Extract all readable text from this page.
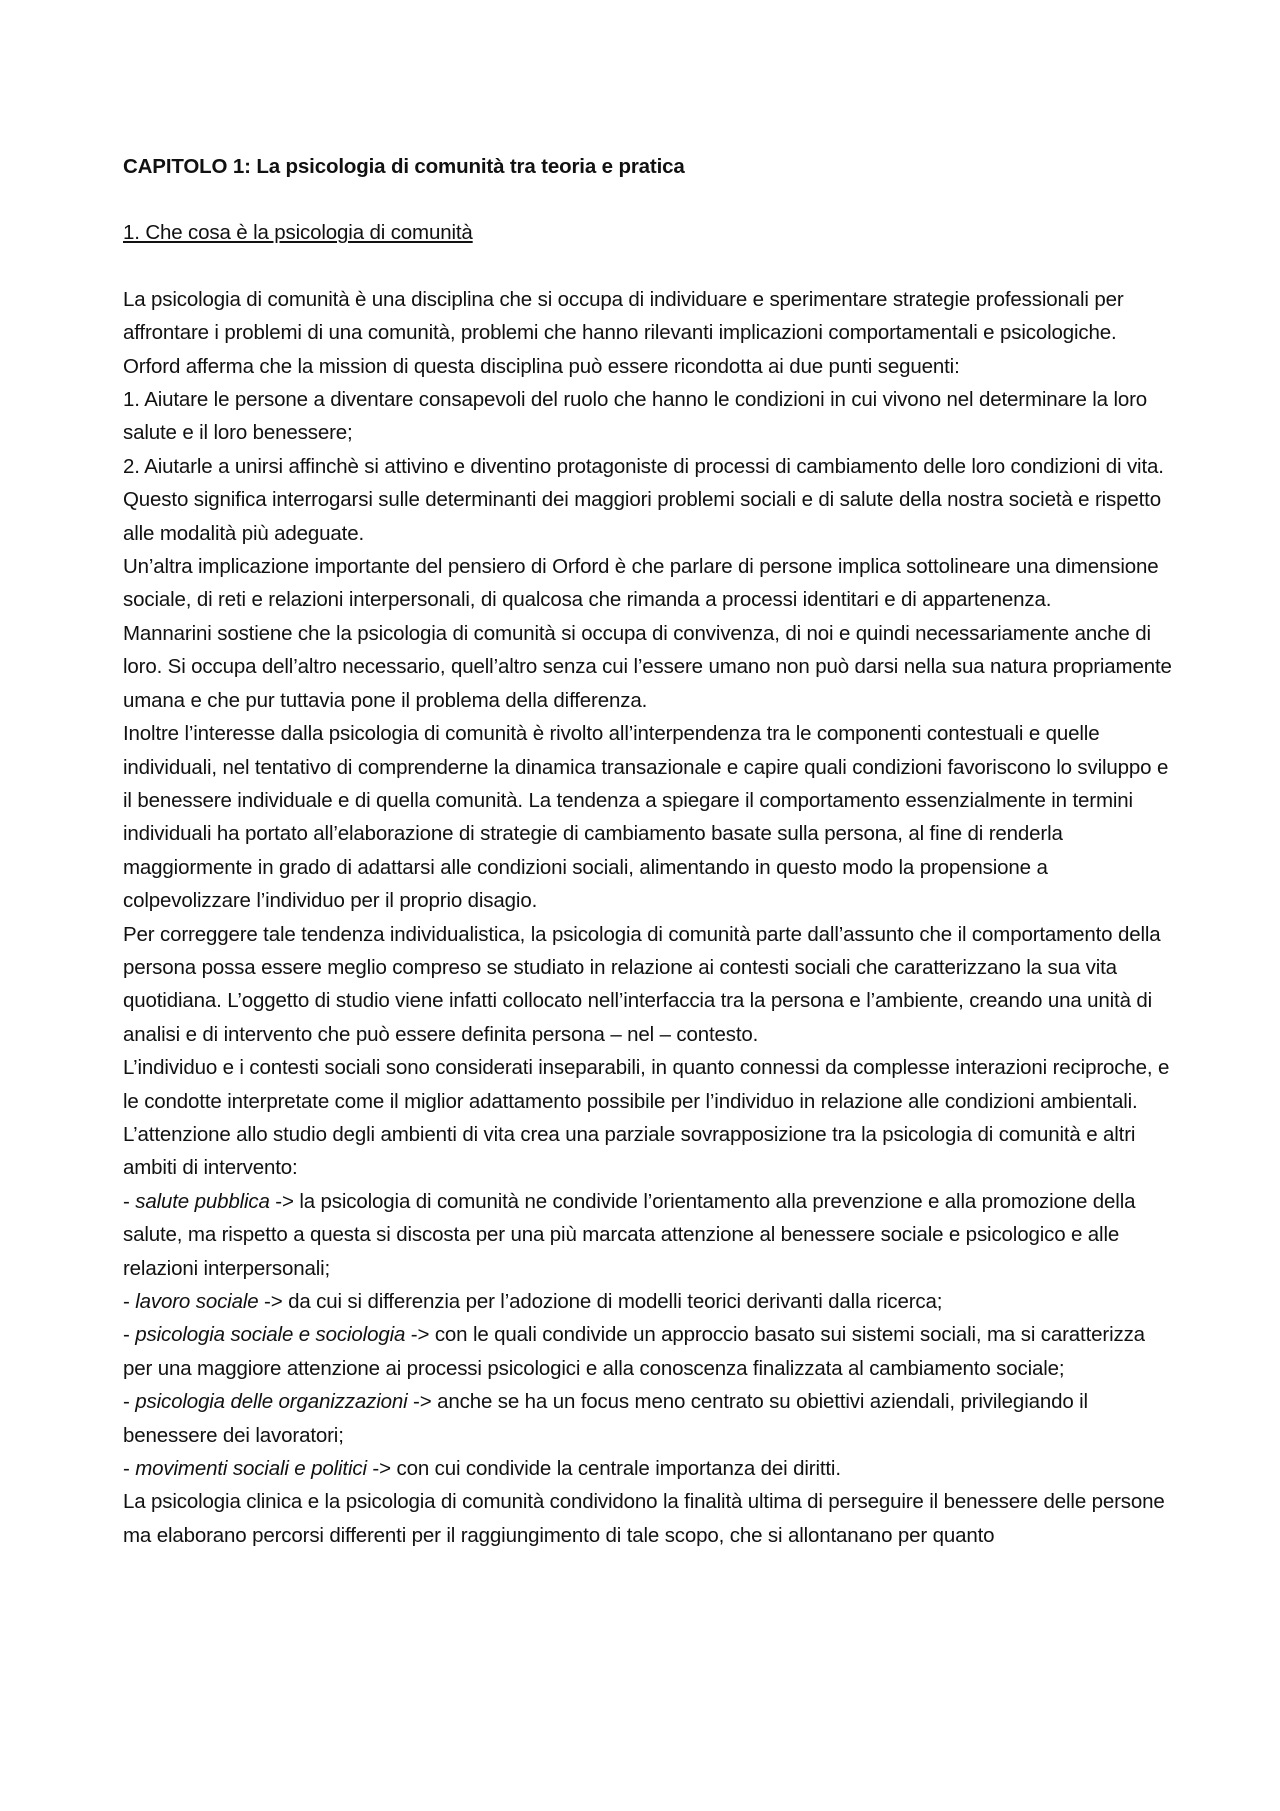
CAPITOLO 1: La psicologia di comunità tra teoria e pratica

1. Che cosa è la psicologia di comunità

La psicologia di comunità è una disciplina che si occupa di individuare e sperimentare strategie professionali per affrontare i problemi di una comunità, problemi che hanno rilevanti implicazioni comportamentali e psicologiche. Orford afferma che la mission di questa disciplina può essere ricondotta ai due punti seguenti:

1. Aiutare le persone a diventare consapevoli del ruolo che hanno le condizioni in cui vivono nel determinare la loro salute e il loro benessere;

2. Aiutarle a unirsi affinchè si attivino e diventino protagoniste di processi di cambiamento delle loro condizioni di vita.

Questo significa interrogarsi sulle determinanti dei maggiori problemi sociali e di salute della nostra società e rispetto alle modalità più adeguate.

Un’altra implicazione importante del pensiero di Orford è che parlare di persone implica sottolineare una dimensione sociale, di reti e relazioni interpersonali, di qualcosa che rimanda a processi identitari e di appartenenza.

Mannarini sostiene che la psicologia di comunità si occupa di convivenza, di noi e quindi necessariamente anche di loro. Si occupa dell’altro necessario, quell’altro senza cui l’essere umano non può darsi nella sua natura propriamente umana e che pur tuttavia pone il problema della differenza.

Inoltre l’interesse dalla psicologia di comunità è rivolto all’interpendenza tra le componenti contestuali e quelle individuali, nel tentativo di comprenderne la dinamica transazionale e capire quali condizioni favoriscono lo sviluppo e il benessere individuale e di quella comunità. La tendenza a spiegare il comportamento essenzialmente in termini individuali ha portato all’elaborazione di strategie di cambiamento basate sulla persona, al fine di renderla maggiormente in grado di adattarsi alle condizioni sociali, alimentando in questo modo la propensione a colpevolizzare l’individuo per il proprio disagio.

Per correggere tale tendenza individualistica, la psicologia di comunità parte dall’assunto che il comportamento della persona possa essere meglio compreso se studiato in relazione ai contesti sociali che caratterizzano la sua vita quotidiana. L’oggetto di studio viene infatti collocato nell’interfaccia tra la persona e l’ambiente, creando una unità di analisi e di intervento che può essere definita persona – nel – contesto.

L’individuo e i contesti sociali sono considerati inseparabili, in quanto connessi da complesse interazioni reciproche, e le condotte interpretate come il miglior adattamento possibile per l’individuo in relazione alle condizioni ambientali.

L’attenzione allo studio degli ambienti di vita crea una parziale sovrapposizione tra la psicologia di comunità e altri ambiti di intervento:

- salute pubblica -> la psicologia di comunità ne condivide l’orientamento alla prevenzione e alla promozione della salute, ma rispetto a questa si discosta per una più marcata attenzione al benessere sociale e psicologico e alle relazioni interpersonali;

- lavoro sociale -> da cui si differenzia per l’adozione di modelli teorici derivanti dalla ricerca;

- psicologia sociale e sociologia -> con le quali condivide un approccio basato sui sistemi sociali, ma si caratterizza per una maggiore attenzione ai processi psicologici e alla conoscenza finalizzata al cambiamento sociale;

- psicologia delle organizzazioni -> anche se ha un focus meno centrato su obiettivi aziendali, privilegiando il benessere dei lavoratori;

- movimenti sociali e politici -> con cui condivide la centrale importanza dei diritti.

La psicologia clinica e la psicologia di comunità condividono la finalità ultima di perseguire il benessere delle persone ma elaborano percorsi differenti per il raggiungimento di tale scopo, che si allontanano per quanto
